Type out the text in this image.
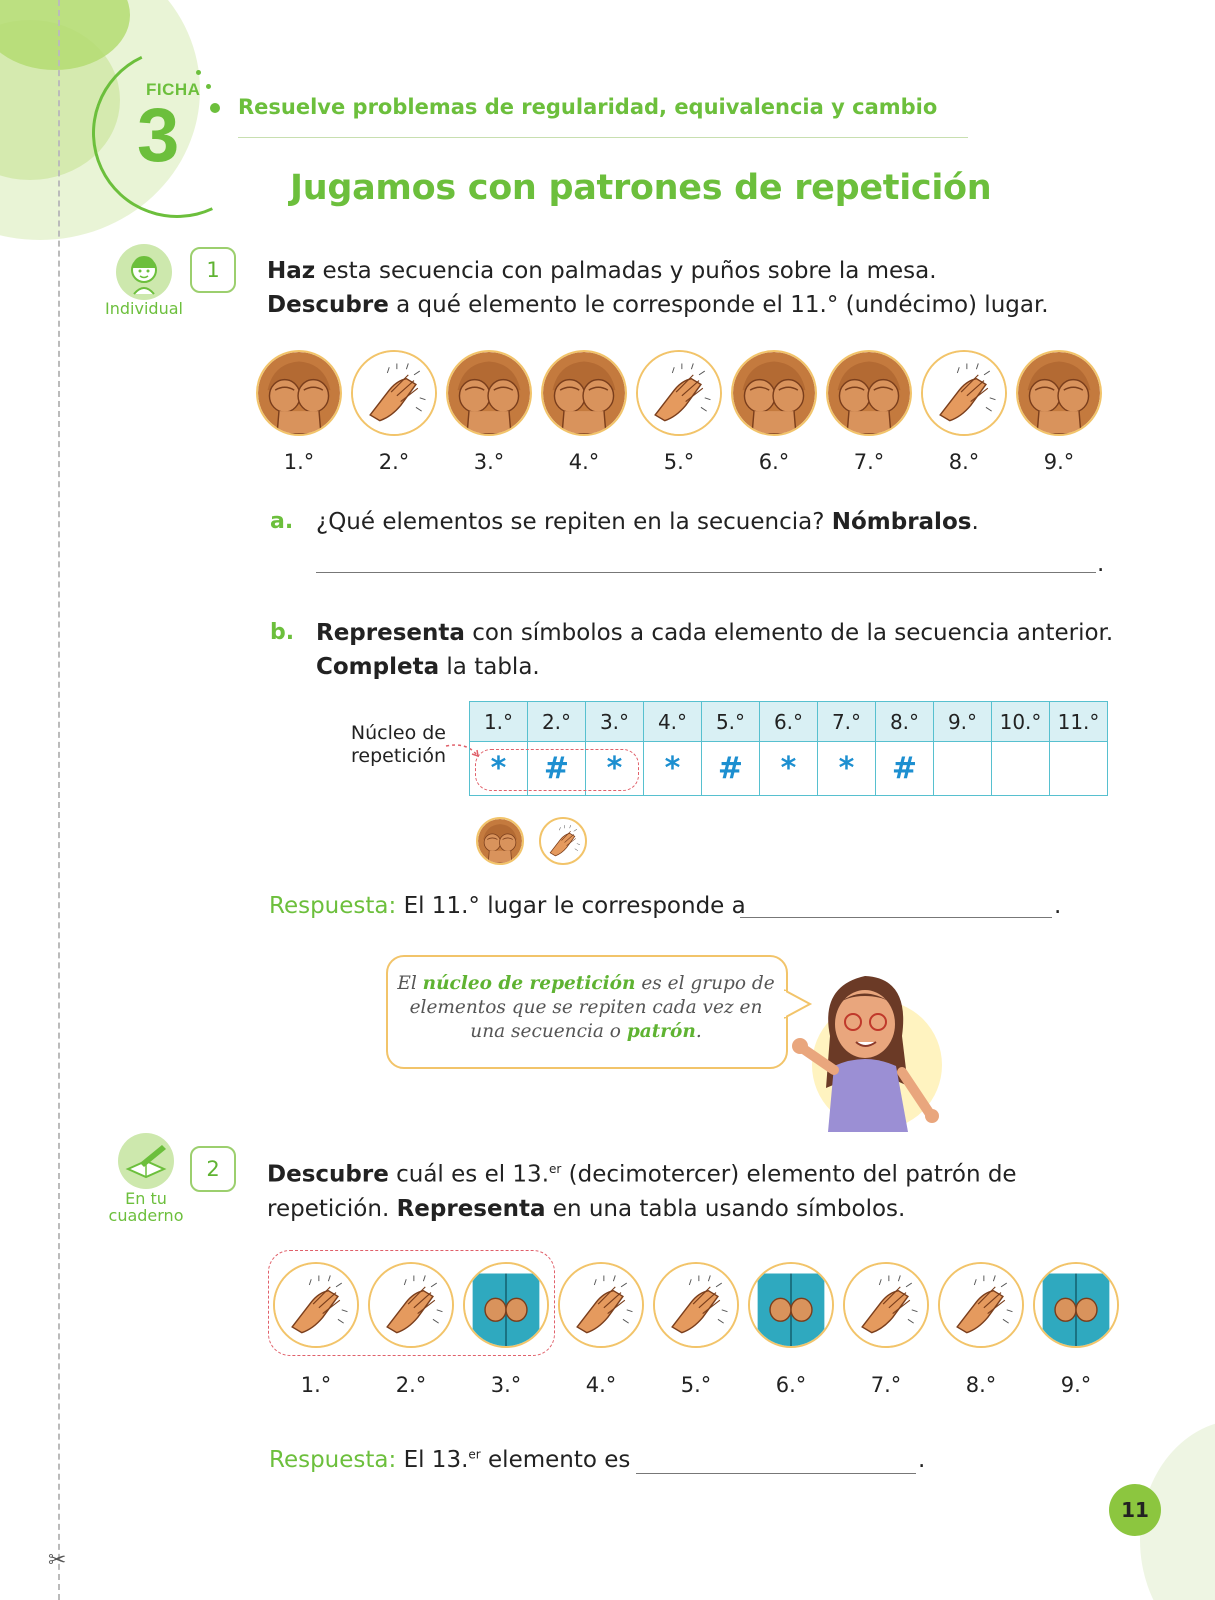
✂
FICHA
3	Resuelve problemas de regularidad, equivalencia y cambio
Jugamos con patrones de repetición
Individual
1	Haz esta secuencia con palmadas y puños sobre la mesa.
Descubre a qué elemento le corresponde el 11.° (undécimo) lugar.
1.°	2.°	3.°	4.°	5.°	6.°	7.°	8.°	9.°
a. ¿Qué elementos se repiten en la secuencia? Nómbralos.
.
b. Representa con símbolos a cada elemento de la secuencia anterior.
Completa la tabla.
Núcleo de
repetición
1.°	2.°	3.°	4.°	5.°	6.°	7.°	8.°	9.°	10.°	11.°
*	#	*	*	#	*	*	#			
Respuesta: El 11.° lugar le corresponde a	.
El núcleo de repetición es el grupo de elementos que se repiten cada vez en una secuencia o patrón.
En tu
cuaderno
2	Descubre cuál es el 13.$^{er}$ (decimotercer) elemento del patrón de
repetición. Representa en una tabla usando símbolos.
1.°	2.°	3.°	4.°	5.°	6.°	7.°	8.°	9.°
Respuesta: El 13.$^{er}$ elemento es	.
11
